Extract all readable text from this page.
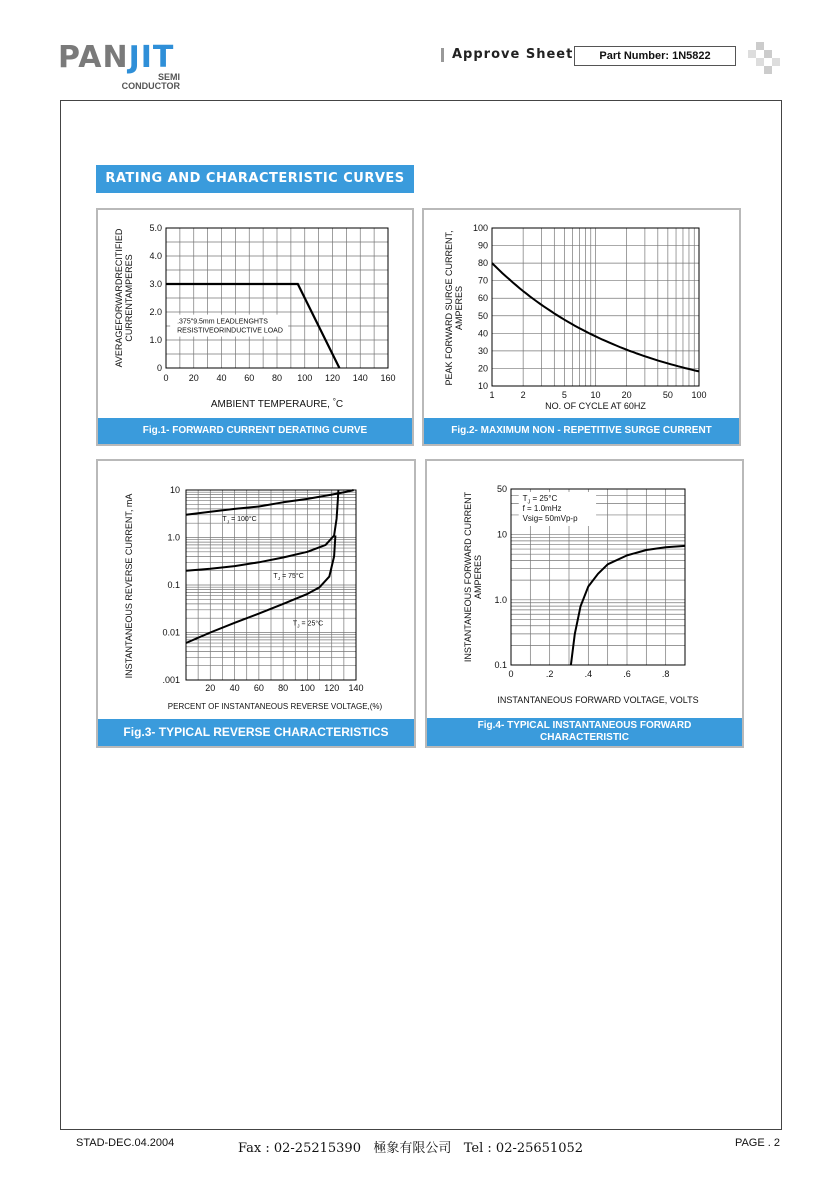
PANJIT
SEMI
CONDUCTOR
Approve Sheet	Part Number: 1N5822
RATING AND CHARACTERISTIC CURVES
0 20 40 60 80 100 120 140 160
0
1.0
2.0
3.0
4.0
5.0
.375"9.5mm LEADLENGHTS
RESISTIVEORINDUCTIVE LOAD
AVERAGEFORWARDRECITIFIED CURRENTAMPERES
AMBIENT TEMPERAURE, °C
Fig.1- FORWARD CURRENT DERATING CURVE
1	2	5	10 20	50 100
10
20
30
40
50
60
70
80
90
100
PEAK FORWARD SURGE CURRENT, AMPERES
NO. OF CYCLE AT 60HZ
Fig.2- MAXIMUM NON - REPETITIVE SURGE CURRENT
20 40 60 80 100 120 140
10
1.0
0.1
0.01
.001
$T_J = 100^\circ C$
$T_J = 75^\circ C$
$T_J = 25^\circ C$
INSTANTANEOUS REVERSE CURRENT, mA
PERCENT OF INSTANTANEOUS REVERSE VOLTAGE,(%)
Fig.3- TYPICAL REVERSE CHARACTERISTICS
0	.2	.4	.6	.8
50
10
1.0
0.1
$T_J = 25^\circ C$
f = 1.0mHz
Vsig= 50mVp-p
INSTANTANEOUS FORWARD CURRENT AMPERES
INSTANTANEOUS FORWARD VOLTAGE, VOLTS
Fig.4- TYPICAL INSTANTANEOUS FORWARD
CHARACTERISTIC
STAD-DEC.04.2004	Fax : 02-25215390   極象有限公司   Tel : 02-25651052	PAGE . 2
